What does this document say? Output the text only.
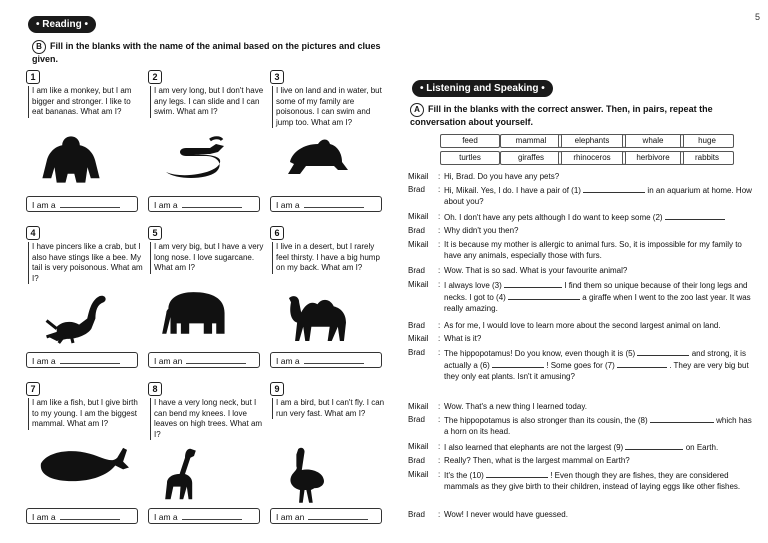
5
• Reading •
B Fill in the blanks with the name of the animal based on the pictures and clues given.
1
I am like a monkey, but I am bigger and stronger. I like to eat bananas. What am I?
I am a
2
I am very long, but I don't have any legs. I can slide and I can swim. What am I?
I am a
3
I live on land and in water, but some of my family are poisonous. I can swim and jump too. What am I?
I am a
4
I have pincers like a crab, but I also have stings like a bee. My tail is very poisonous. What am I?
I am a
5
I am very big, but I have a very long nose. I love sugarcane. What am I?
I am an
6
I live in a desert, but I rarely feel thirsty. I have a big hump on my back. What am I?
I am a
7
I am like a fish, but I give birth to my young. I am the biggest mammal. What am I?
I am a
8
I have a very long neck, but I can bend my knees. I love leaves on high trees. What am I?
I am a
9
I am a bird, but I can't fly. I can run very fast. What am I?
I am an
• Listening and Speaking •
A Fill in the blanks with the correct answer. Then, in pairs, repeat the conversation about yourself.
feed	mammal	elephants	whale	huge
turtles	giraffes	rhinoceros	herbivore	rabbits
Mikail	: Hi, Brad. Do you have any pets?
Brad	: Hi, Mikail. Yes, I do. I have a pair of (1)	in an aquarium at home. How about you?
Mikail	: Oh. I don't have any pets although I do want to keep some (2)
Brad	: Why didn't you then?
Mikail	: It is because my mother is allergic to animal furs. So, it is impossible for my family to have any animals, especially those with furs.
Brad	: Wow. That is so sad. What is your favourite animal?
Mikail	: I always love (3)	I find them so unique because of their long legs and necks. I got to (4)	a giraffe when I went to the zoo last year. It was really amazing.
Brad	: As for me, I would love to learn more about the second largest animal on land.
Mikail	: What is it?
Brad	: The hippopotamus! Do you know, even though it is (5)	and strong, it is actually a (6)	! Some goes for (7)	. They are very big but they only eat plants. Isn't it amusing?
Mikail	: Wow. That's a new thing I learned today.
Brad	: The hippopotamus is also stronger than its cousin, the (8)	which has a horn on its head.
Mikail	: I also learned that elephants are not the largest (9)	on Earth.
Brad	: Really? Then, what is the largest mammal on Earth?
Mikail	: It's the (10)	! Even though they are fishes, they are considered mammals as they give birth to their children, instead of laying eggs like other fishes.
Brad	: Wow! I never would have guessed.
